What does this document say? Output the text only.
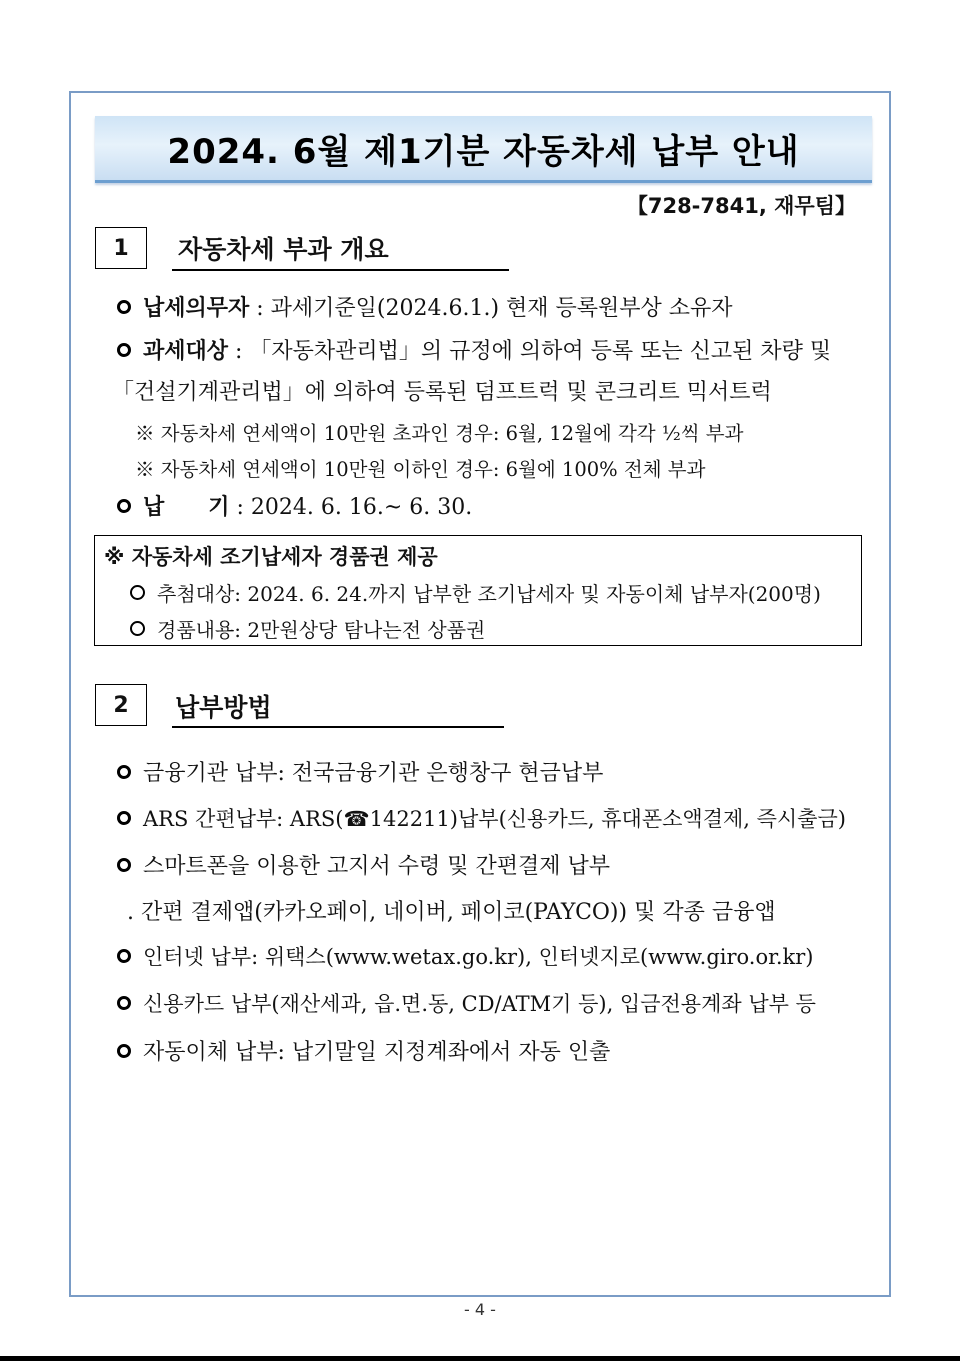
2024. 6월 제1기분 자동차세 납부 안내
【728-7841, 재무팀】
1	자동차세 부과 개요
납세의무자 : 과세기준일(2024.6.1.) 현재 등록원부상 소유자
과세대상 : 「자동차관리법」의 규정에 의하여 등록 또는 신고된 차량 및
「건설기계관리법」에 의하여 등록된 덤프트럭 및 콘크리트 믹서트럭
※ 자동차세 연세액이 10만원 초과인 경우: 6월, 12월에 각각 ½씩 부과
※ 자동차세 연세액이 10만원 이하인 경우: 6월에 100% 전체 부과
납　　기 : 2024. 6. 16.~ 6. 30.
※ 자동차세 조기납세자 경품권 제공
추첨대상: 2024. 6. 24.까지 납부한 조기납세자 및 자동이체 납부자(200명)
경품내용: 2만원상당 탐나는전 상품권
2	납부방법
금융기관 납부: 전국금융기관 은행창구 현금납부
ARS 간편납부: ARS(☎142211)납부(신용카드, 휴대폰소액결제, 즉시출금)
스마트폰을 이용한 고지서 수령 및 간편결제 납부
. 간편 결제앱(카카오페이, 네이버, 페이코(PAYCO)) 및 각종 금융앱
인터넷 납부: 위택스(www.wetax.go.kr), 인터넷지로(www.giro.or.kr)
신용카드 납부(재산세과, 읍.면.동, CD/ATM기 등), 입금전용계좌 납부 등
자동이체 납부: 납기말일 지정계좌에서 자동 인출
- 4 -
